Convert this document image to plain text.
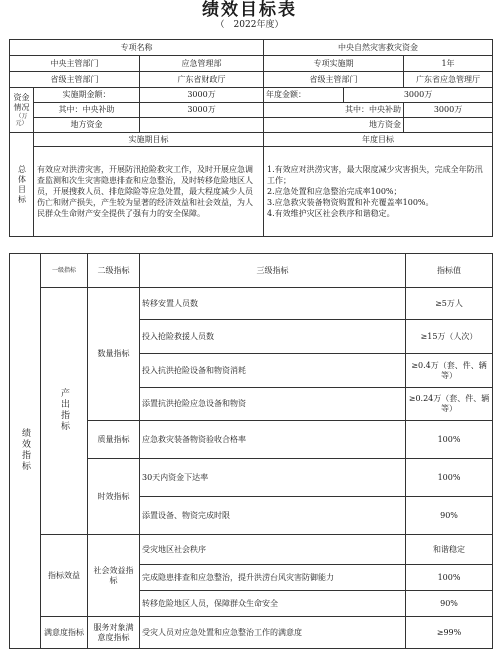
绩效目标表
（　2022年度）
专项名称			中央自然灾害救灾资金		
中央主管部门		应急管理部	专项实施期		1年
省级主管部门		广东省财政厅	省级主管部门		广东省应急管理厅

资金情况
（万元）	实施期金额：	3000万	年度金额：	3000万	
	其中：中央补助	3000万	其中：中央补助		3000万
	地方资金		地方资金		
总体目标	实施期目标		年度目标		
	有效应对洪涝灾害，开展防汛抢险救灾工作，及时开展应急调查监测和次生灾害隐患排查和应急整治，及时转移危险地区人员，开展搜救人员、排危除险等应急处置，最大程度减少人员伤亡和财产损失，产生较为显著的经济效益和社会效益，为人民群众生命财产安全提供了强有力的安全保障。		1.有效应对洪涝灾害，最大限度减少灾害损失，完成全年防汛工作；
2.应急处置和应急整治完成率100%；
3.应急救灾装备物资购置和补充覆盖率100%。
4.有效维护灾区社会秩序和谐稳定。		
绩效指标	一级指标	二级指标	三级指标	指标值
	产出指标	数量指标	转移安置人员数	≥5万人
			投入抢险救援人员数	≥15万（人次）
			投入抗洪抢险设备和物资消耗	≥0.4万（套、件、辆等）
			添置抗洪抢险应急设备和物资	≥0.24万（套、件、辆等）
		质量指标	应急救灾装备物资验收合格率	100%
		时效指标	30天内资金下达率	100%
			添置设备、物资完成时限	90%
	指标效益	社会效益指标	受灾地区社会秩序	和谐稳定
			完成隐患排查和应急整治，提升洪涝台风灾害防御能力	100%
			转移危险地区人员，保障群众生命安全	90%
	满意度指标	服务对象满意度指标	受灾人员对应急处置和应急整治工作的满意度	≥99%
